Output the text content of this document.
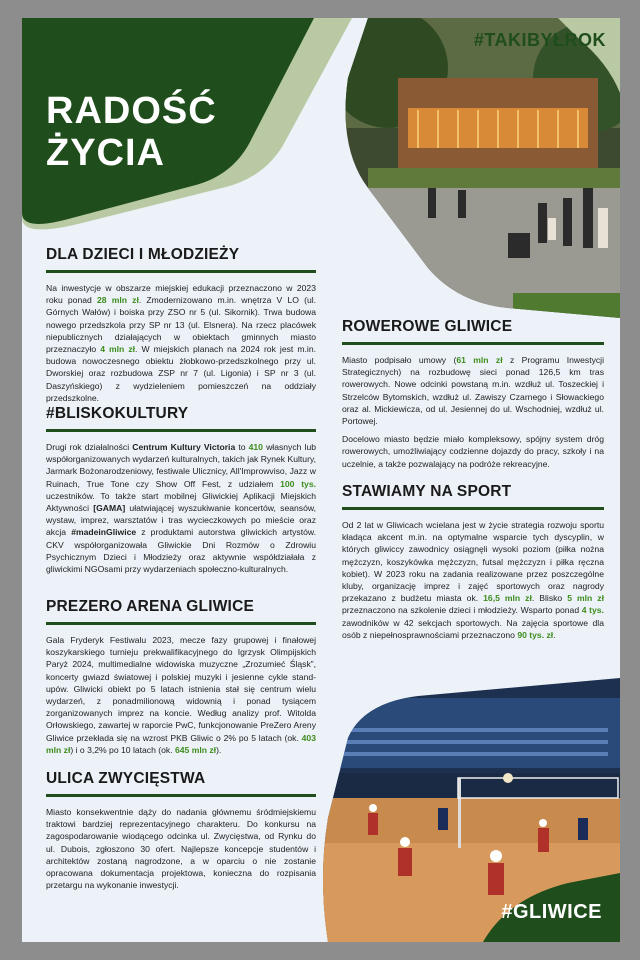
RADOŚĆ
ŻYCIA
#TAKIBYŁROK
DLA DZIECI I MŁODZIEŻY

Na inwestycje w obszarze miejskiej edukacji przeznaczono w 2023 roku ponad 28 mln zł. Zmodernizowano m.in. wnętrza V LO (ul. Górnych Wałów) i boiska przy ZSO nr 5 (ul. Sikornik). Trwa budowa nowego przedszkola przy SP nr 13 (ul. Elsnera). Na rzecz placówek niepublicznych działających w obiektach gminnych miasto przeznaczyło 4 mln zł. W miejskich planach na 2024 rok jest m.in. budowa nowoczesnego obiektu żłobkowo-przedszkolnego przy ul. Dworskiej oraz rozbudowa ZSP nr 7 (ul. Ligonia) i SP nr 3 (ul. Daszyńskiego) z wydzieleniem pomieszczeń na oddziały przedszkolne.

#BLISKOKULTURY

Drugi rok działalności Centrum Kultury Victoria to 410 własnych lub współorganizowanych wydarzeń kulturalnych, takich jak Rynek Kultury, Jarmark Bożonarodzeniowy, festiwale Ulicznicy, All'Improwviso, Jazz w Ruinach, True Tone czy Show Off Fest, z udziałem 100 tys. uczestników. To także start mobilnej Gliwickiej Aplikacji Miejskich Aktywności [GAMA] ułatwiającej wyszukiwanie koncertów, seansów, wystaw, imprez, warsztatów i tras wycieczkowych po mieście oraz akcja #madeinGliwice z produktami autorstwa gliwickich artystów. CKV współorganizowała Gliwickie Dni Rozmów o Zdrowiu Psychicznym Dzieci i Młodzieży oraz aktywnie współdziałała z gliwickimi NGOsami przy wydarzeniach społeczno-kulturalnych.

PREZERO ARENA GLIWICE

Gala Fryderyk Festiwalu 2023, mecze fazy grupowej i finałowej koszykarskiego turnieju prekwalifikacyjnego do Igrzysk Olimpijskich Paryż 2024, multimedialne widowiska muzyczne „Zrozumieć Śląsk”, koncerty gwiazd światowej i polskiej muzyki i jesienne cykle stand-upów. Gliwicki obiekt po 5 latach istnienia stał się centrum wielu wydarzeń, z ponadmilionową widownią i ponad tysiącem zorganizowanych imprez na koncie. Według analizy prof. Witolda Orłowskiego, zawartej w raporcie PwC, funkcjonowanie PreZero Areny Gliwice przekłada się na wzrost PKB Gliwic o 2% po 5 latach (ok. 403 mln zł) i o 3,2% po 10 latach (ok. 645 mln zł).

ULICA ZWYCIĘSTWA

Miasto konsekwentnie dąży do nadania głównemu śródmiejskiemu traktowi bardziej reprezentacyjnego charakteru. Do konkursu na zagospodarowanie wiodącego odcinka ul. Zwycięstwa, od Rynku do ul. Dubois, zgłoszono 30 ofert. Najlepsze koncepcje studentów i architektów zostaną nagrodzone, a w oparciu o nie zostanie opracowana dokumentacja projektowa, konieczna do rozpisania przetargu na wykonanie inwestycji.

ROWEROWE GLIWICE

Miasto podpisało umowy (61 mln zł z Programu Inwestycji Strategicznych) na rozbudowę sieci ponad 126,5 km tras rowerowych. Nowe odcinki powstaną m.in. wzdłuż ul. Toszeckiej i Strzelców Bytomskich, wzdłuż ul. Zawiszy Czarnego i Słowackiego oraz al. Mickiewicza, od ul. Jesiennej do ul. Wschodniej, wzdłuż ul. Portowej.

Docelowo miasto będzie miało kompleksowy, spójny system dróg rowerowych, umożliwiający codzienne dojazdy do pracy, szkoły i na uczelnie, a także pozwalający na podróże rekreacyjne.

STAWIAMY NA SPORT

Od 2 lat w Gliwicach wcielana jest w życie strategia rozwoju sportu kładąca akcent m.in. na optymalne wsparcie tych dyscyplin, w których gliwiccy zawodnicy osiągnęli wysoki poziom (piłka nożna mężczyzn, koszykówka mężczyzn, futsal mężczyzn i piłka ręczna kobiet). W 2023 roku na zadania realizowane przez poszczególne kluby, organizację imprez i zajęć sportowych oraz nagrody przekazano z budżetu miasta ok. 16,5 mln zł. Blisko 5 mln zł przeznaczono na szkolenie dzieci i młodzieży. Wsparto ponad 4 tys. zawodników w 42 sekcjach sportowych. Na zajęcia sportowe dla osób z niepełnosprawnościami przeznaczono 90 tys. zł.

#GLIWICE
